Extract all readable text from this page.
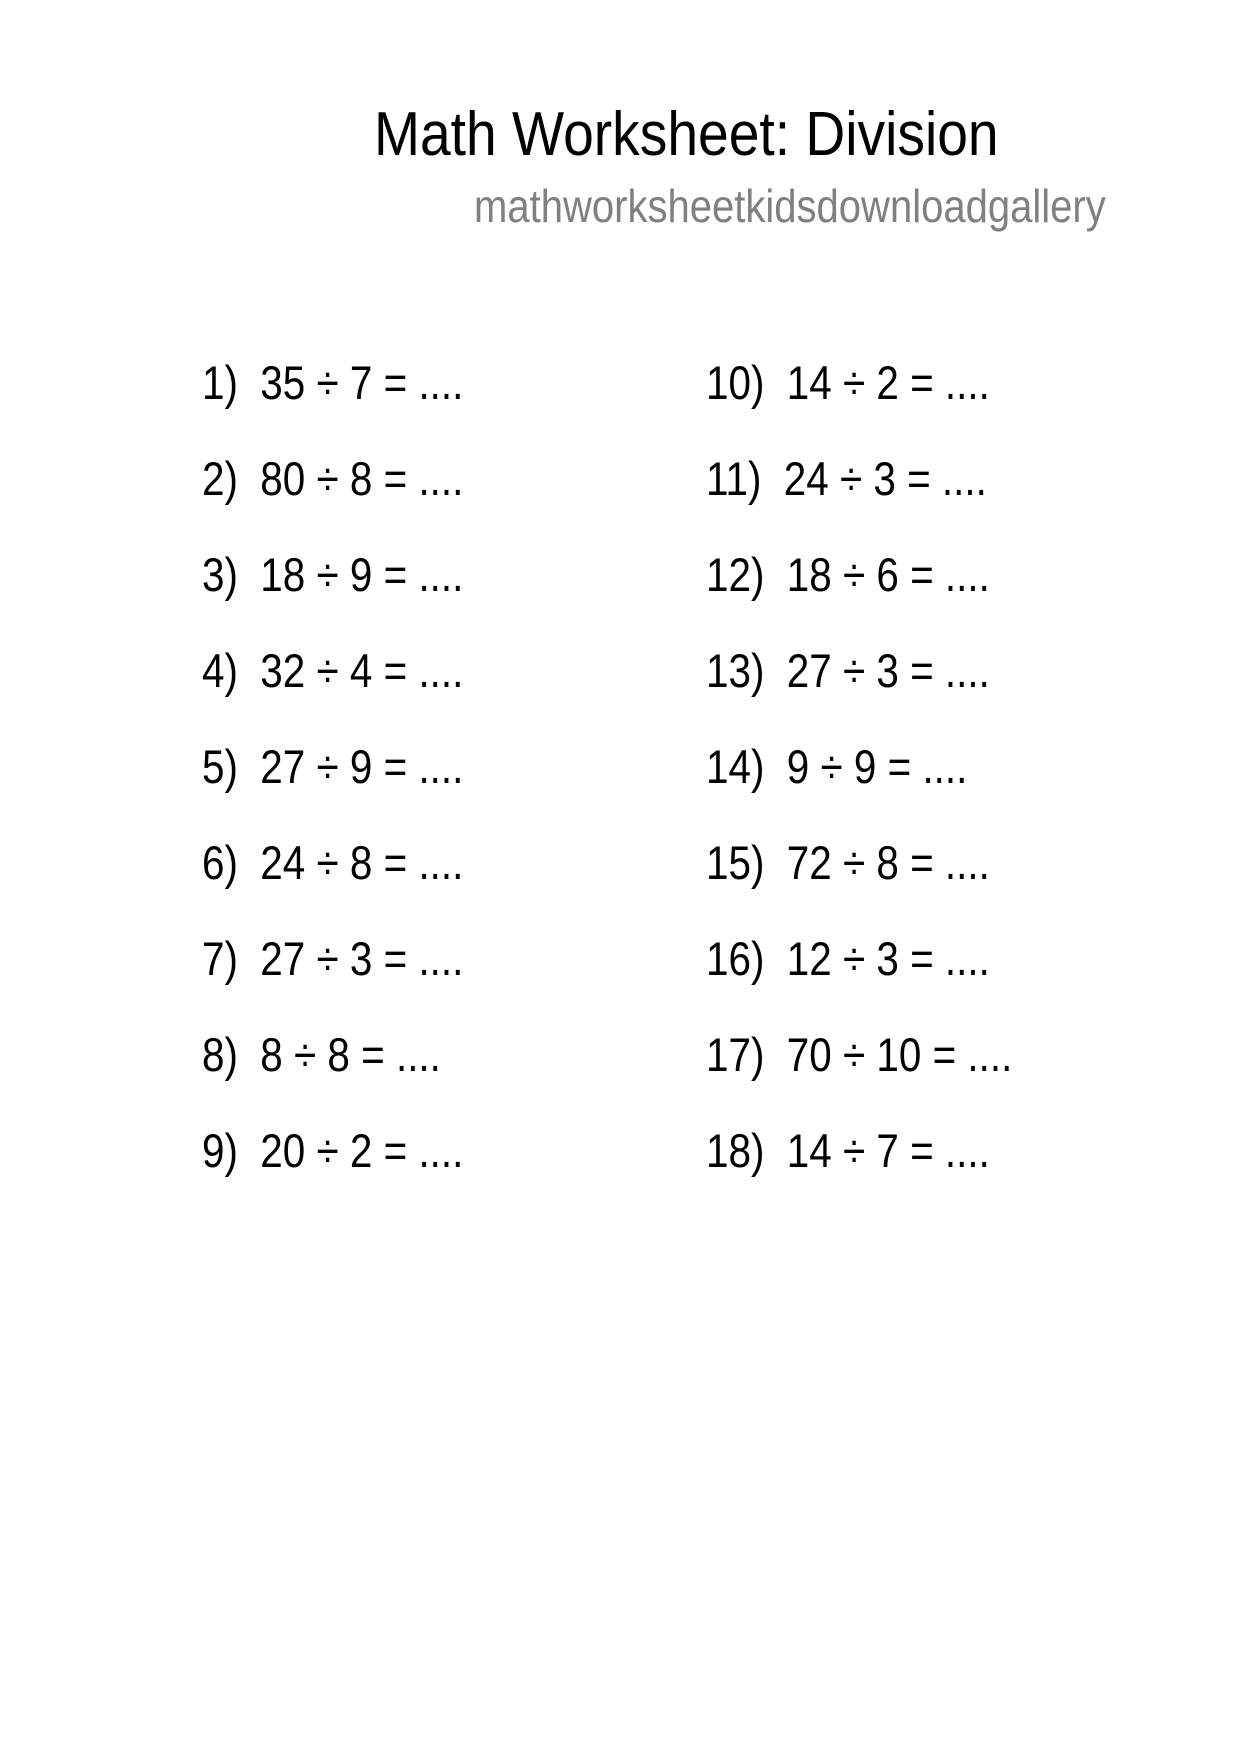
Math Worksheet: Division
mathworksheetkidsdownloadgallery
1) 35 ÷ 7 = ....
2) 80 ÷ 8 = ....
3) 18 ÷ 9 = ....
4) 32 ÷ 4 = ....
5) 27 ÷ 9 = ....
6) 24 ÷ 8 = ....
7) 27 ÷ 3 = ....
8) 8 ÷ 8 = ....
9) 20 ÷ 2 = ....
10) 14 ÷ 2 = ....
11) 24 ÷ 3 = ....
12) 18 ÷ 6 = ....
13) 27 ÷ 3 = ....
14) 9 ÷ 9 = ....
15) 72 ÷ 8 = ....
16) 12 ÷ 3 = ....
17) 70 ÷ 10 = ....
18) 14 ÷ 7 = ....
